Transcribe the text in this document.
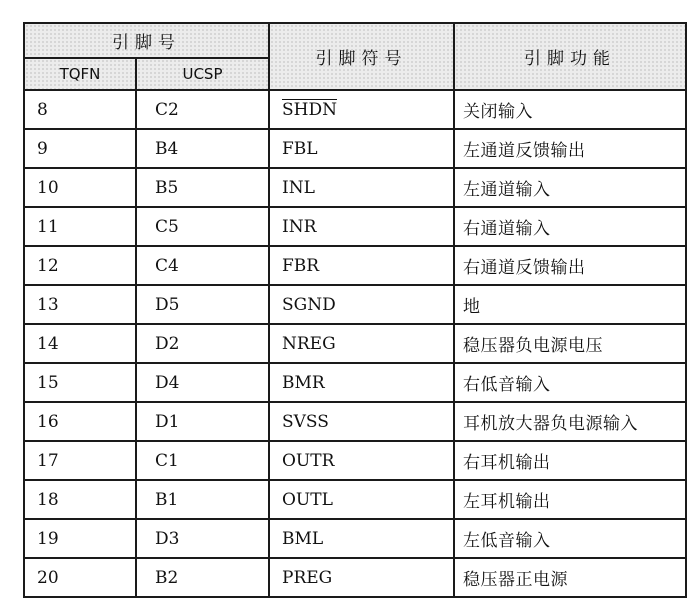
引脚号		引脚符号	引脚功能
TQFN	UCSP		
8	C2	SHDN	关闭输入
9	B4	FBL	左通道反馈输出
10	B5	INL	左通道输入
11	C5	INR	右通道输入
12	C4	FBR	右通道反馈输出
13	D5	SGND	地
14	D2	NREG	稳压器负电源电压
15	D4	BMR	右低音输入
16	D1	SVSS	耳机放大器负电源输入
17	C1	OUTR	右耳机输出
18	B1	OUTL	左耳机输出
19	D3	BML	左低音输入
20	B2	PREG	稳压器正电源
